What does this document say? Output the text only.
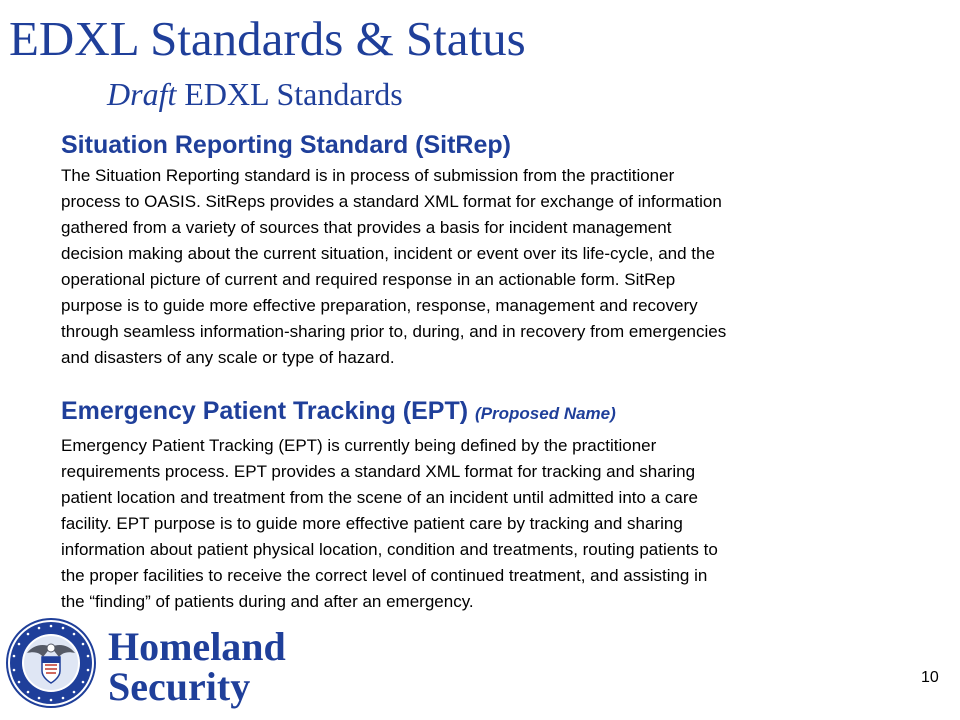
EDXL Standards & Status
Draft EDXL Standards
Situation Reporting Standard (SitRep)
The Situation Reporting standard is in process of submission from the practitioner
process to OASIS. SitReps provides a standard XML format for exchange of information
gathered from a variety of sources that provides a basis for incident management
decision making about the current situation, incident or event over its life-cycle, and the
operational picture of current and required response in an actionable form. SitRep
purpose is to guide more effective preparation, response, management and recovery
through seamless information-sharing prior to, during, and in recovery from emergencies
and disasters of any scale or type of hazard.
Emergency Patient Tracking (EPT) (Proposed Name)
Emergency Patient Tracking (EPT) is currently being defined by the practitioner
requirements process. EPT provides a standard XML format for tracking and sharing
patient location and treatment from the scene of an incident until admitted into a care
facility. EPT purpose is to guide more effective patient care by tracking and sharing
information about patient physical location, condition and treatments, routing patients to
the proper facilities to receive the correct level of continued treatment, and assisting in
the “finding” of patients during and after an emergency.
Homeland
Security	10
